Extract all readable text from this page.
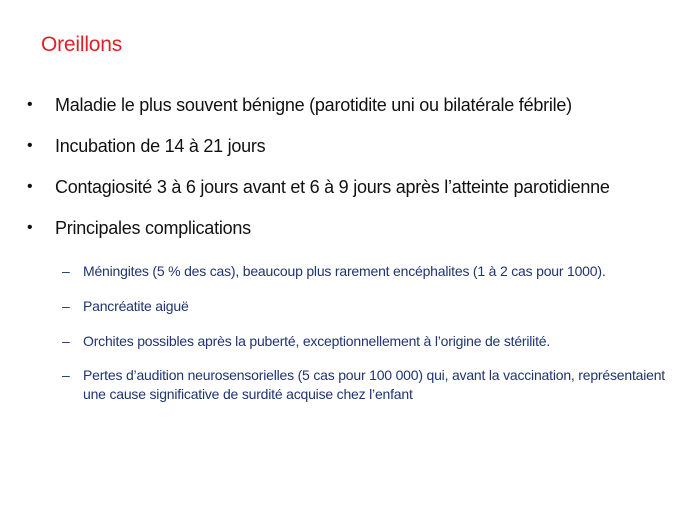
Oreillons
• Maladie le plus souvent bénigne (parotidite uni ou bilatérale fébrile)
• Incubation de 14 à 21 jours
• Contagiosité 3 à 6 jours avant et 6 à 9 jours après l’atteinte parotidienne
• Principales complications
– Méningites (5 % des cas), beaucoup plus rarement encéphalites (1 à 2 cas pour 1000).
– Pancréatite aiguë
– Orchites possibles après la puberté, exceptionnellement à l’origine de stérilité.
– Pertes d’audition neurosensorielles (5 cas pour 100 000) qui, avant la vaccination, représentaient une cause significative de surdité acquise chez l’enfant
